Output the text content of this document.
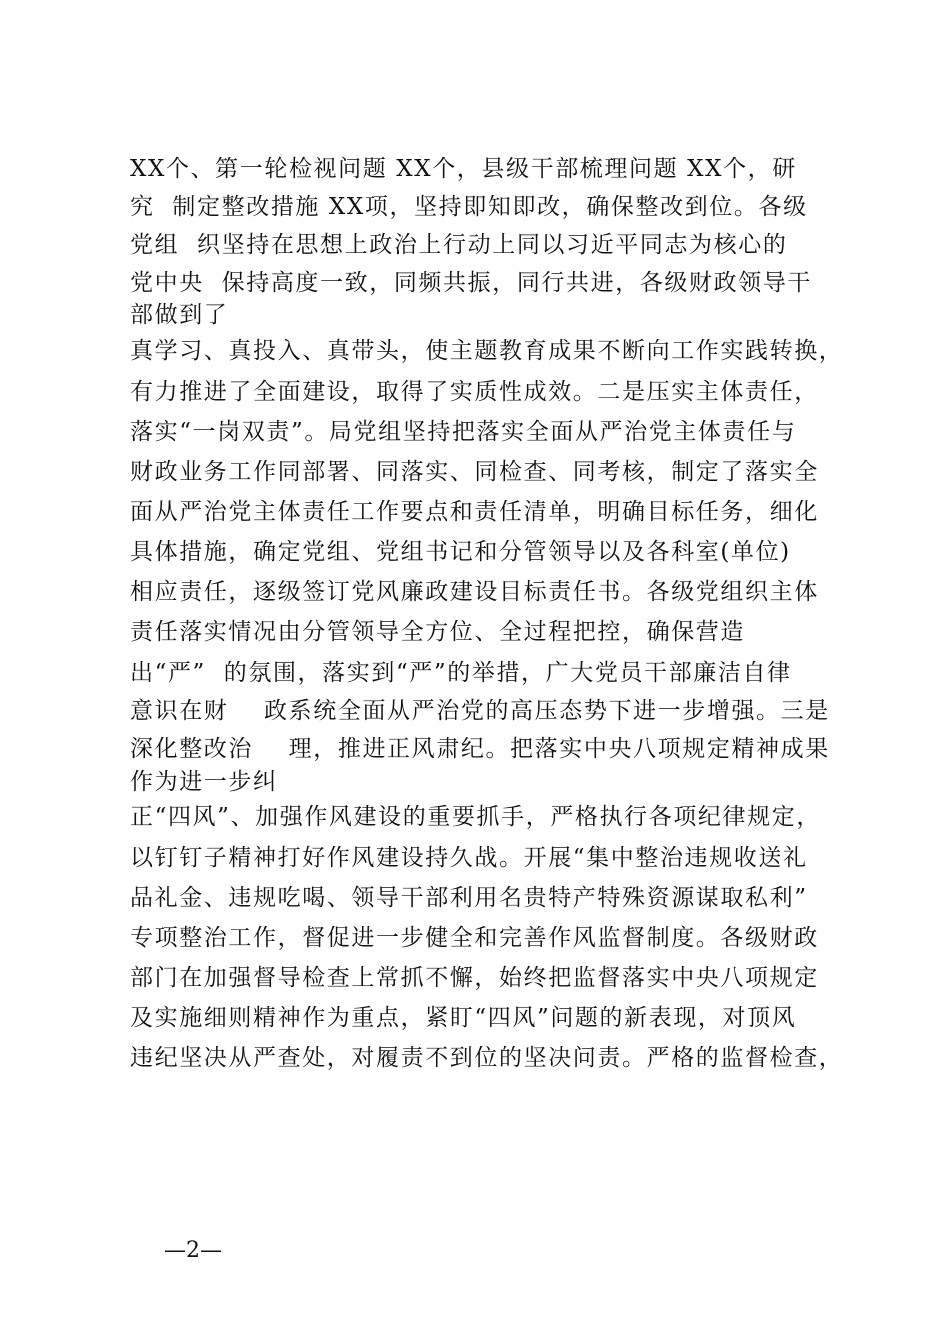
XX个、第一轮检视问题 XX个，县级干部梳理问题 XX个，研
究  制定整改措施 XX项，坚持即知即改，确保整改到位。各级
党组  织坚持在思想上政治上行动上同以习近平同志为核心的
党中央  保持高度一致，同频共振，同行共进，各级财政领导干
部做到了
真学习、真投入、真带头，使主题教育成果不断向工作实践转换，
有力推进了全面建设，取得了实质性成效。二是压实主体责任，
落实“一岗双责”。局党组坚持把落实全面从严治党主体责任与
财政业务工作同部署、同落实、同检查、同考核，制定了落实全
面从严治党主体责任工作要点和责任清单，明确目标任务，细化
具体措施，确定党组、党组书记和分管领导以及各科室(单位)
相应责任，逐级签订党风廉政建设目标责任书。各级党组织主体
责任落实情况由分管领导全方位、全过程把控，确保营造
出“严”  的氛围，落实到“严”的举措，广大党员干部廉洁自律
意识在财    政系统全面从严治党的高压态势下进一步增强。三是
深化整改治    理，推进正风肃纪。把落实中央八项规定精神成果
作为进一步纠
正“四风”、加强作风建设的重要抓手，严格执行各项纪律规定，
以钉钉子精神打好作风建设持久战。开展“集中整治违规收送礼
品礼金、违规吃喝、领导干部利用名贵特产特殊资源谋取私利”
专项整治工作，督促进一步健全和完善作风监督制度。各级财政
部门在加强督导检查上常抓不懈，始终把监督落实中央八项规定
及实施细则精神作为重点，紧盯“四风”问题的新表现，对顶风
违纪坚决从严查处，对履责不到位的坚决问责。严格的监督检查，
—2—
